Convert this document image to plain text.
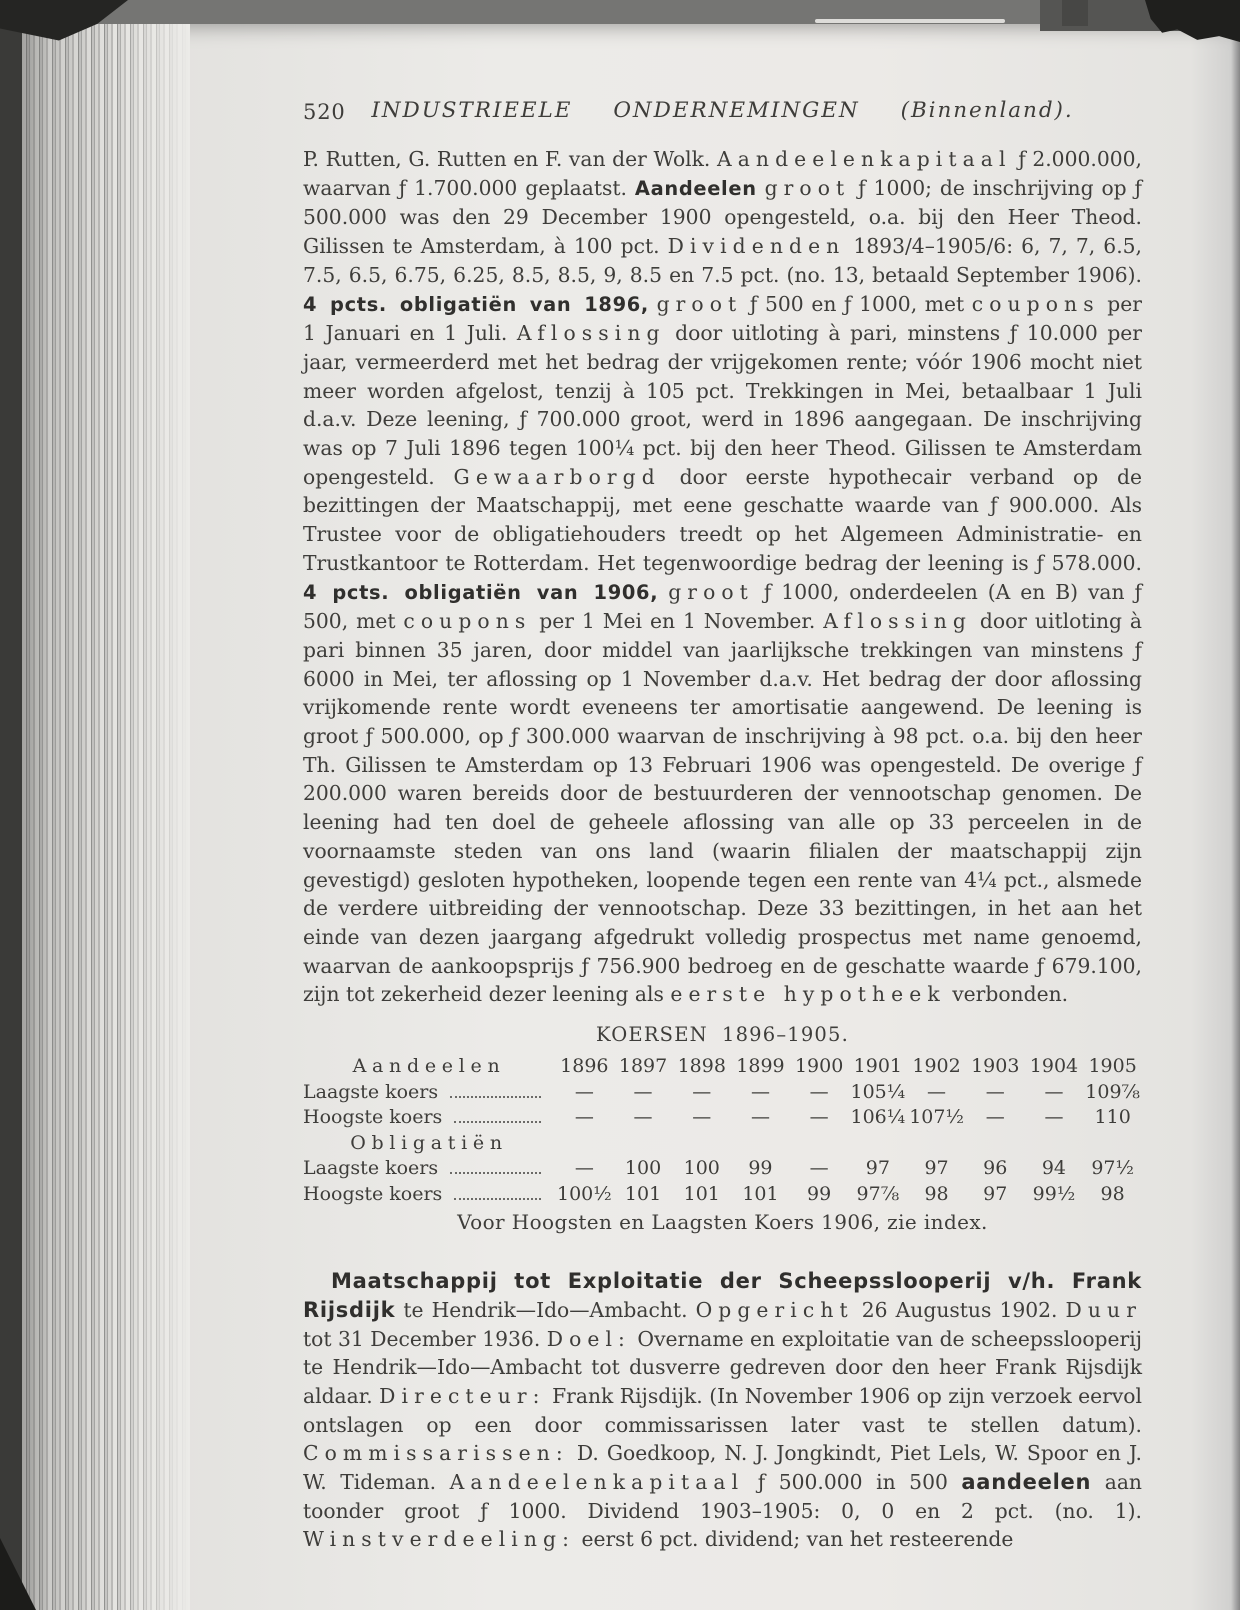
520	INDUSTRIEELE ONDERNEMINGEN (Binnenland).

P. Rutten, G. Rutten en F. van der Wolk. Aandeelenkapitaal ƒ 2.000.000, waarvan ƒ 1.700.000 geplaatst. Aandeelen groot ƒ 1000; de inschrijving op ƒ 500.000 was den 29 December 1900 opengesteld, o.a. bij den Heer Theod. Gilissen te Amsterdam, à 100 pct. Dividenden 1893/4–1905/6: 6, 7, 7, 6.5, 7.5, 6.5, 6.75, 6.25, 8.5, 8.5, 9, 8.5 en 7.5 pct. (no. 13, betaald September 1906). 4 pcts. obligatiën van 1896, groot ƒ 500 en ƒ 1000, met coupons per 1 Januari en 1 Juli. Aflossing door uitloting à pari, minstens ƒ 10.000 per jaar, vermeerderd met het bedrag der vrijgekomen rente; vóór 1906 mocht niet meer worden afgelost, tenzij à 105 pct. Trekkingen in Mei, betaalbaar 1 Juli d.a.v. Deze leening, ƒ 700.000 groot, werd in 1896 aangegaan. De inschrijving was op 7 Juli 1896 tegen 100¼ pct. bij den heer Theod. Gilissen te Amsterdam opengesteld. Gewaarborgd door eerste hypothecair verband op de bezittingen der Maatschappij, met eene geschatte waarde van ƒ 900.000. Als Trustee voor de obligatiehouders treedt op het Algemeen Administratie- en Trustkantoor te Rotterdam. Het tegenwoordige bedrag der leening is ƒ 578.000. 4 pcts. obligatiën van 1906, groot ƒ 1000, onderdeelen (A en B) van ƒ 500, met coupons per 1 Mei en 1 November. Aflossing door uitloting à pari binnen 35 jaren, door middel van jaarlijksche trekkingen van minstens ƒ 6000 in Mei, ter aflossing op 1 November d.a.v. Het bedrag der door aflossing vrijkomende rente wordt eveneens ter amortisatie aangewend. De leening is groot ƒ 500.000, op ƒ 300.000 waarvan de inschrijving à 98 pct. o.a. bij den heer Th. Gilissen te Amsterdam op 13 Februari 1906 was opengesteld. De overige ƒ 200.000 waren bereids door de bestuurderen der vennootschap genomen. De leening had ten doel de geheele aflossing van alle op 33 perceelen in de voornaamste steden van ons land (waarin filialen der maatschappij zijn gevestigd) gesloten hypotheken, loopende tegen een rente van 4¼ pct., alsmede de verdere uitbreiding der vennootschap. Deze 33 bezittingen, in het aan het einde van dezen jaargang afgedrukt volledig prospectus met name genoemd, waarvan de aankoopsprijs ƒ 756.900 bedroeg en de geschatte waarde ƒ 679.100, zijn tot zekerheid dezer leening als eerste hypotheek verbonden.

KOERSEN 1896–1905.
Aandeelen	1896 1897 1898 1899 1900 1901 1902 1903 1904 1905
Laagste koers	—	—	—	—	—	105¼	—	—	—	109⅞
Hoogste koers	—	—	—	—	—	106¼ 107½	—	—	110
Obligatiën
Laagste koers	—	100	100	99	—	97	97	96	94	97½
Hoogste koers	100½ 101	101	101	99	97⅞	98	97	99½	98
Voor Hoogsten en Laagsten Koers 1906, zie index.

Maatschappij tot Exploitatie der Scheepsslooperij v/h. Frank Rijsdijk te Hendrik—Ido—Ambacht. Opgericht 26 Augustus 1902. Duur tot 31 December 1936. Doel: Overname en exploitatie van de scheepsslooperij te Hendrik—Ido—Ambacht tot dusverre gedreven door den heer Frank Rijsdijk aldaar. Directeur: Frank Rijsdijk. (In November 1906 op zijn verzoek eervol ontslagen op een door commissarissen later vast te stellen datum). Commissarissen: D. Goedkoop, N. J. Jongkindt, Piet Lels, W. Spoor en J. W. Tideman. Aandeelenkapitaal ƒ 500.000 in 500 aandeelen aan toonder groot ƒ 1000. Dividend 1903–1905: 0, 0 en 2 pct. (no. 1). Winstverdeeling: eerst 6 pct. dividend; van het resteerende
